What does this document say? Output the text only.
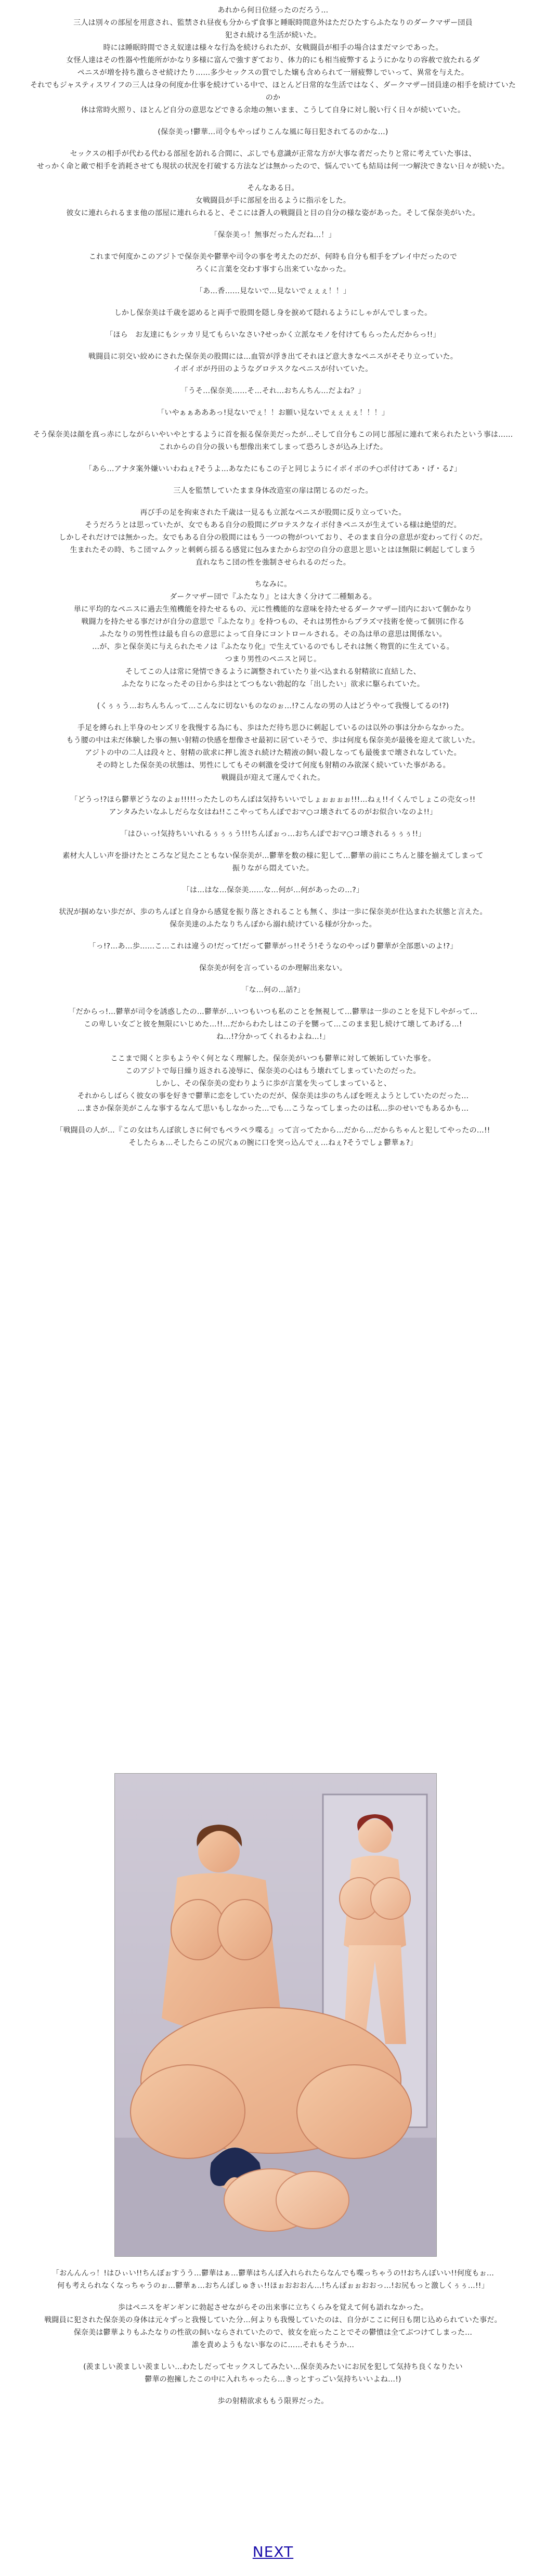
あれから何日位経ったのだろう…
三人は別々の部屋を用意され、監禁され昼夜も分からず食事と睡眠時間意外はただひたすらふたなりのダークマザー団員
犯され続ける生活が続いた。
時には睡眠時間でさえ奴達は様々な行為を続けられたが、女戦闘員が相手の場合はまだマシであった。
女怪人達はその性器や性能所がかなり多様に富んで強すぎており、体力的にも相当疲弊するようにかなりの容赦で放たれるダ
ペニスが増を持ち激らさせ続けたり……多少セックスの質でした嬢も含められて一層疲弊しでいって、異常を与えた。
それでもジャスティスワイフの三人は身の何度か仕事を続けている中で、ほとんど日常的な生活ではなく、ダークマザー団員達の相手を続けていたのか
体は常時火照り、ほとんど自分の意思などできる余地の無いまま、こうして自身に対し脱い行く日々が続いていた。
(保奈美っ!鬱華…司令もやっぱりこんな風に毎日犯されてるのかな…)
セックスの相手が代わる代わる部屋を訪れる合間に、ぶしでも意識が正常な方が大事な者だったりと常に考えていた事は、
せっかく命と敵で相手を消耗させても現状の状況を打破する方法などは無かったので、悩んでいても結局は何一つ解決できない日々が続いた。
そんなある日。
女戦闘員が手に部屋を出るように指示をした。
彼女に連れられるまま他の部屋に連れられると、そこには蒼人の戦闘員と目の自分の様な姿があった。そして保奈美がいた。
「保奈美っ！無事だったんだね…！」
これまで何度かこのアジトで保奈美や鬱華や司令の事を考えたのだが、何時も自分も相手をプレイ中だったので
ろくに言葉を交わす事すら出来ていなかった。
「あ…香……見ないで…見ないでぇぇぇ！！」
しかし保奈美は千歳を認めると両手で股間を隠し身を捩めて隠れるようにしゃがんでしまった。
「ほら　お友達にもシッカリ見てもらいなさい?せっかく立派なモノを付けてもらったんだからっ!!」
戦闘員に羽交い絞めにされた保奈美の股間には…血管が浮き出てそれほど意大きなペニスがそそり立っていた。
イボイボが丹田のようなグロテスクなペニスが付いていた。
「うそ…保奈美……そ…それ…おちんちん…だよね？」
「いやぁぁあああっ!見ないでぇ！！お願い見ないでぇぇぇぇ！！！」
そう保奈美は顔を真っ赤にしながらいやいやとするように首を振る保奈美だったが…そして自分もこの同じ部屋に連れて来られたという事は……
これからの自分の扱いも想像出来てしまって恐ろしさが込み上げた。
「あら…アナタ案外嫌いいわねぇ?そうよ…あなたにもこの子と同じようにイボイボのチ○ポ付けてあ・げ・る♪」
三人を監禁していたまま身体改造室の扉は閉じるのだった。
再び手の足を拘束された千歳は一見るも立派なペニスが股間に反り立っていた。
そうだろうとは思っていたが、女でもある自分の股間にグロテスクなイボ付きペニスが生えている様は絶望的だ。
しかしそれだけでは無かった。女でもある自分の股間にはもう一つの物がついており、そのまま自分の意思が変わって行くのだ。
生まれたその時、ちこ団マムクッと刺刺ら揺るる感覚に包みまたからお空の自分の意思と思いとはほ無限に刺起してしまう
直れなちこ団の性を強制させられるのだった。
ちなみに。
ダークマザー団で『ふたなり』とは大きく分けて二種類ある。
単に平均的なペニスに過去生殖機能を持たせるもの、元に性機能的な意味を持たせるダークマザー団内において個かなり
戦闘力を持たせる事だけが自分の意思で『ふたなり』を持つもの、それは男性からプラズマ技術を使って個別に作る
ふたなりの男性性は最も自らの意思によって自身にコントロールされる。その為は単の意思は関係ない。
…が、歩と保奈美に与えられたモノは『ふたなり化』で生えているのでもしそれは無く物質的に生えている。
つまり男性のペニスと同じ。
そしてこの人は常に発情できるように調整されていたり並べ込まれる射精欲に直結した、
ふたなりになったその日から歩はとてつもない勃起的な「出したい」欲求に駆られていた。
(くぅぅう…おちんちんって…こんなに切ないものなのぉ…!?こんなの男の人はどうやって我慢してるの!?)
手足を縛られ上半身のセンズリを我慢する為にも、歩はただ待ち思ひに刺起しているのは以外の事は分からなかった。
もう腰の中は未だ体験した事の無い射精の快感を想像させ最初に居ていそうで、歩は何度も保奈美が最後を迎えて欲しいた。
アジトの中の二人は段々と、射精の欲求に押し流され続けた精液の飼い殺しなっても最後まで壊されなしていた。
その時とした保奈美の状態は、男性にしてもその刺激を受けて何度も射精のみ欲深く続いていた事がある。
戦闘員が迎えて運んでくれた。
「どうっ!?ほら鬱華どうなのよぉ!!!!!ったたしのちんぽは気持ちいいでしょぉぉぉぉ!!!…ねぇ!!イくんでしょこの売女っ!!
アンタみたいなふしだらな女はね!!ここやってちんぽでおマ○コ壊されてるのがお似合いなのよ!!」
「はひぃっ!気持ちいいれるぅぅぅう!!!ちんぽぉっ…おちんぽでおマ○コ壊されるぅぅぅ!!」
素材大人しい声を掛けたところなど見たこともない保奈美が…鬱華を数の様に犯して…鬱華の前にこちんと膝を揃えてしまって
振りながら悶えていた。
「は…はな…保奈美……な…何が…何があったの…?」
状況が掴めない歩だが、歩のちんぽと自身から感覚を振り落とされることも無く、歩は一歩に保奈美が仕込まれた状態と言えた。
保奈美達のふたなりちんぽから溺れ続けている様が分かった。
「っ!?…あ…歩……こ…これは違うの!だって!だって鬱華がっ!!そう!そうなのやっぱり鬱華が全部悪いのよ!?」
保奈美が何を言っているのか理解出来ない。
「な…何の…話?」
「だからっ!…鬱華が司令を誘惑したの…鬱華が…いつもいつも私のことを無視して…鬱華は一歩のことを見下しやがって…
この卑しい女ごと彼を無限にいじめた…!!…だからわたしはこの子を嬲って…このまま犯し続けて壊してあげる…!
ね…!?分かってくれるわよね…!」
ここまで聞くと歩もようやく何となく理解した。保奈美がいつも鬱華に対して嫉妬していた事を。
このアジトで毎日繰り返される凌辱に、保奈美の心はもう壊れてしまっていたのだった。
しかし、その保奈美の変わりように歩が言葉を失ってしまっていると、
それからしばらく彼女の事を好きで鬱華に恋をしていたのだが、保奈美は歩のちんぽを咥えようとしていたのだった…
…まさか保奈美がこんな事するなんて思いもしなかった…でも…こうなってしまったのは私…歩のせいでもあるかも…
「戦闘員の人が…『この女はちんぽ欲しさに何でもペラペラ喋る』って言ってたから…だから…だからちゃんと犯してやったの…!!
そしたらぁ…そしたらこの尻穴ぁの腕に口を突っ込んでぇ…ねぇ?そうでしょ鬱華ぁ?」
「おんんんっ！!はひぃい!!ちんぽぉすうう…鬱華はぁ…鬱華はちんぽ入れられたらなんでも喋っちゃうの!!おちんぽいい!!何度もぉ…
何も考えられなくなっちゃうのぉ…鬱華ぁ…おちんぽしゅきぃ!!ほぉおおおん…!ちんぽぉぉおおっ…!お尻もっと激しくぅぅ…!!」
歩はペニスをギンギンに勃起させながらその出来事に立ちくらみを覚えて何も語れなかった。
戦闘員に犯された保奈美の身体は元々ずっと我慢していた分…何よりも我慢していたのは、自分がここに何日も閉じ込められていた事だ。
保奈美は鬱華よりもふたなりの性欲の飼いならされていたので、彼女を庇ったことでその鬱憤は全てぶつけてしまった…
誰を責めようもない事なのに……それもそうか…
(羨ましい羨ましい羨ましい…わたしだってセックスしてみたい…保奈美みたいにお尻を犯して気持ち良くなりたい
鬱華の抱擁したこの中に入れちゃったら…きっとすっごい気持ちいいよね…!)
歩の射精欲求ももう限界だった。
NEXT
